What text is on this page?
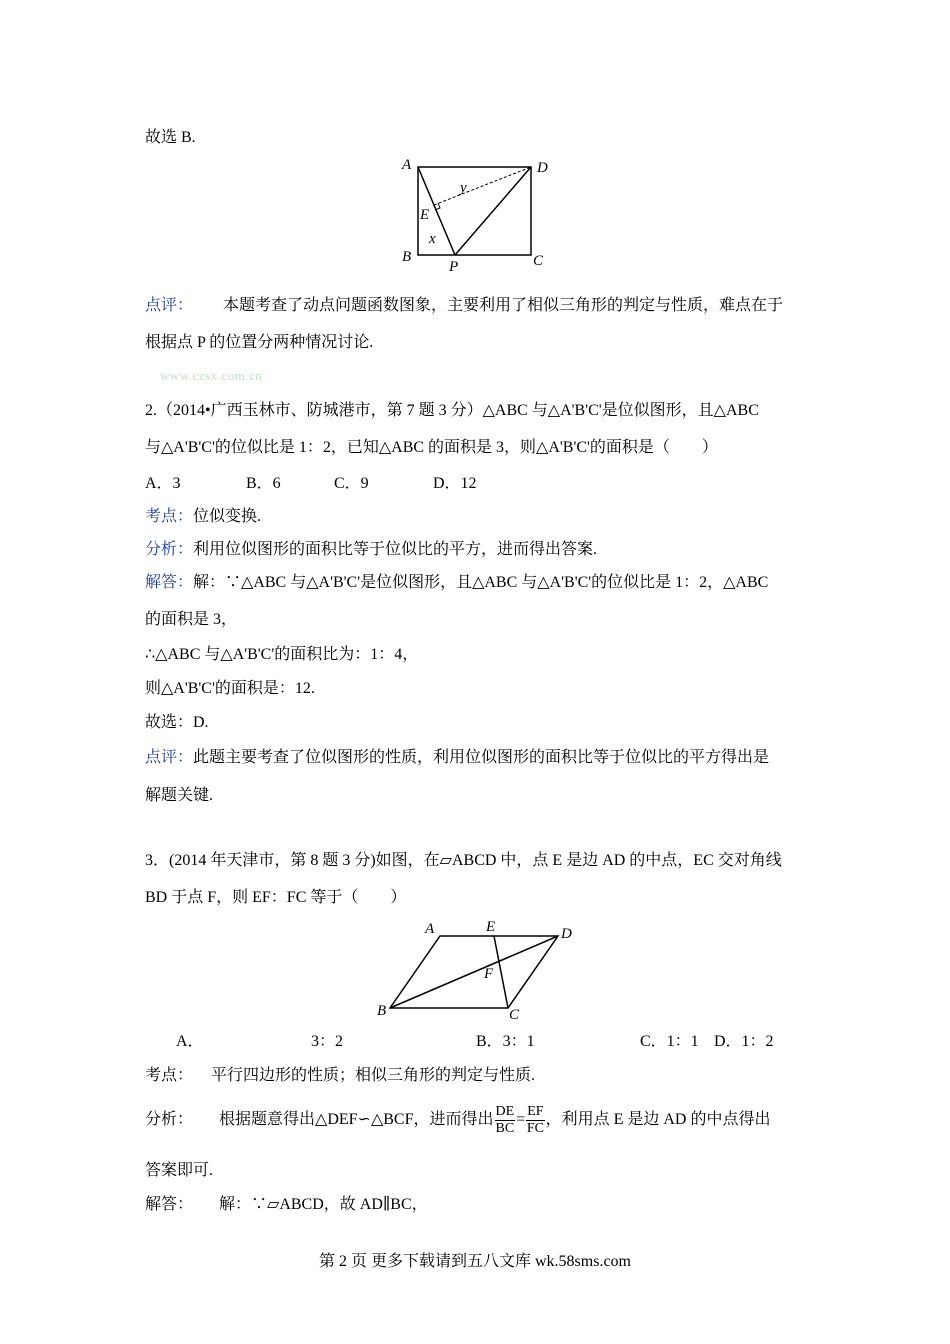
故选 B.
A	D
B	C
P
E
x
y
点评： 本题考查了动点问题函数图象，主要利用了相似三角形的判定与性质，难点在于
根据点 P 的位置分两种情况讨论.
www.czsx.com.cn
2.（2014•广西玉林市、防城港市，第 7 题 3 分）△ABC 与△A'B'C'是位似图形，且△ABC
与△A'B'C'的位似比是 1：2，已知△ABC 的面积是 3，则△A'B'C'的面积是（　　）
A．3	B．6	C．9	D．12
考点：位似变换.
分析：利用位似图形的面积比等于位似比的平方，进而得出答案.
解答：解：∵△ABC 与△A'B'C'是位似图形，且△ABC 与△A'B'C'的位似比是 1：2，△ABC
的面积是 3，
∴△ABC 与△A'B'C'的面积比为：1：4，
则△A'B'C'的面积是：12.
故选：D.
点评：此题主要考查了位似图形的性质，利用位似图形的面积比等于位似比的平方得出是
解题关键.
3．(2014 年天津市，第 8 题 3 分)如图，在▱ABCD 中，点 E 是边 AD 的中点，EC 交对角线
BD 于点 F，则 EF：FC 等于（　　）
A	E	D
F
B	C
A．	3：2	B．3：1	C．1：1 D．1：2
考点： 平行四边形的性质；相似三角形的判定与性质.
分析： 根据题意得出△DEF∽△BCF，进而得出 $\frac{DE}{BC} = \frac{EF}{FC}$ ，利用点 E 是边 AD 的中点得出
答案即可.
解答： 解：∵▱ABCD，故 AD∥BC，
第 2 页 更多下载请到五八文库 wk.58sms.com
